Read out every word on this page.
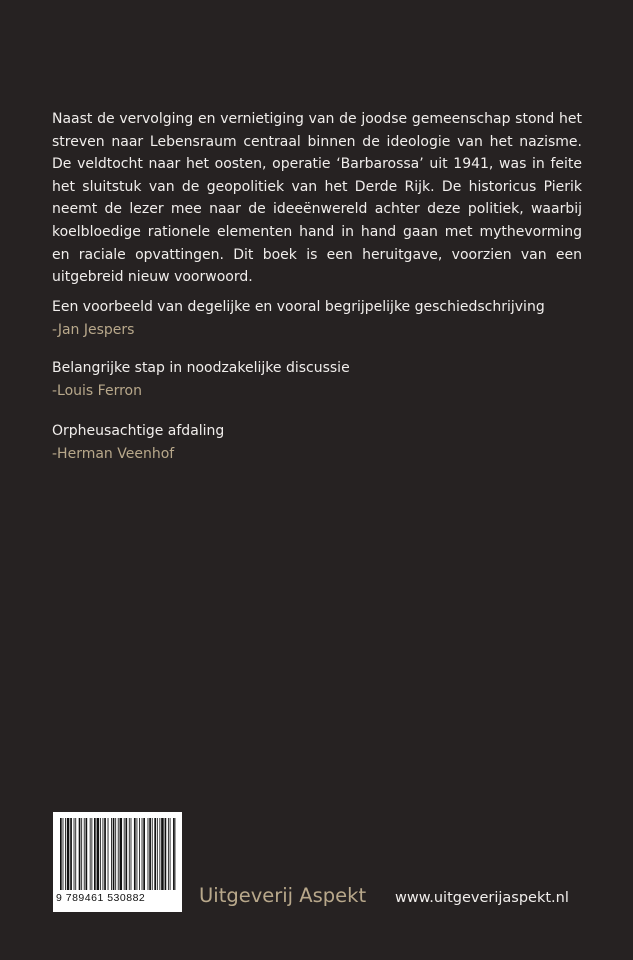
Naast de vervolging en vernietiging van de joodse gemeenschap stond het streven naar Lebensraum centraal binnen de ideologie van het nazisme. De veldtocht naar het oosten, operatie ‘Barbarossa’ uit 1941, was in feite het sluitstuk van de geopolitiek van het Derde Rijk. De historicus Pierik neemt de lezer mee naar de ideeënwereld achter deze politiek, waarbij koelbloedige rationele elementen hand in hand gaan met mythevorming en raciale opvattingen. Dit boek is een heruitgave, voorzien van een uitgebreid nieuw voorwoord.

Een voorbeeld van degelijke en vooral begrijpelijke geschiedschrijving
-Jan Jespers
Belangrijke stap in noodzakelijke discussie
-Louis Ferron
Orpheusachtige afdaling
-Herman Veenhof
9 789461 530882	Uitgeverij Aspekt www.uitgeverijaspekt.nl
